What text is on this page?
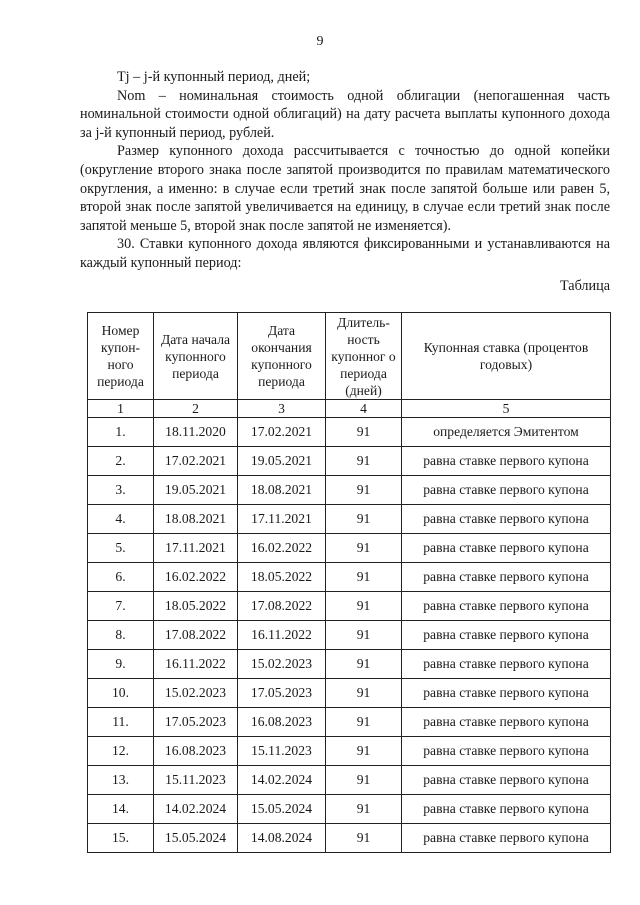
9

Tj – j-й купонный период, дней;

Nom – номинальная стоимость одной облигации (непогашенная часть номинальной стоимости одной облигаций) на дату расчета выплаты купонного дохода за j-й купонный период, рублей.

Размер купонного дохода рассчитывается с точностью до одной копейки (округление второго знака после запятой производится по правилам математического округления, а именно: в случае если третий знак после запятой больше или равен 5, второй знак после запятой увеличивается на единицу, в случае если третий знак после запятой меньше 5, второй знак после запятой не изменяется).

30. Ставки купонного дохода являются фиксированными и устанавливаются на каждый купонный период:

Таблица
Номер купон-ного периода	Дата начала купонного периода	Дата окончания купонного периода	Длитель-ность купонног о периода (дней)	Купонная ставка (процентов годовых)
1	2	3	4	5
1.	18.11.2020	17.02.2021	91	определяется Эмитентом
2.	17.02.2021	19.05.2021	91	равна ставке первого купона
3.	19.05.2021	18.08.2021	91	равна ставке первого купона
4.	18.08.2021	17.11.2021	91	равна ставке первого купона
5.	17.11.2021	16.02.2022	91	равна ставке первого купона
6.	16.02.2022	18.05.2022	91	равна ставке первого купона
7.	18.05.2022	17.08.2022	91	равна ставке первого купона
8.	17.08.2022	16.11.2022	91	равна ставке первого купона
9.	16.11.2022	15.02.2023	91	равна ставке первого купона
10.	15.02.2023	17.05.2023	91	равна ставке первого купона
11.	17.05.2023	16.08.2023	91	равна ставке первого купона
12.	16.08.2023	15.11.2023	91	равна ставке первого купона
13.	15.11.2023	14.02.2024	91	равна ставке первого купона
14.	14.02.2024	15.05.2024	91	равна ставке первого купона
15.	15.05.2024	14.08.2024	91	равна ставке первого купона
